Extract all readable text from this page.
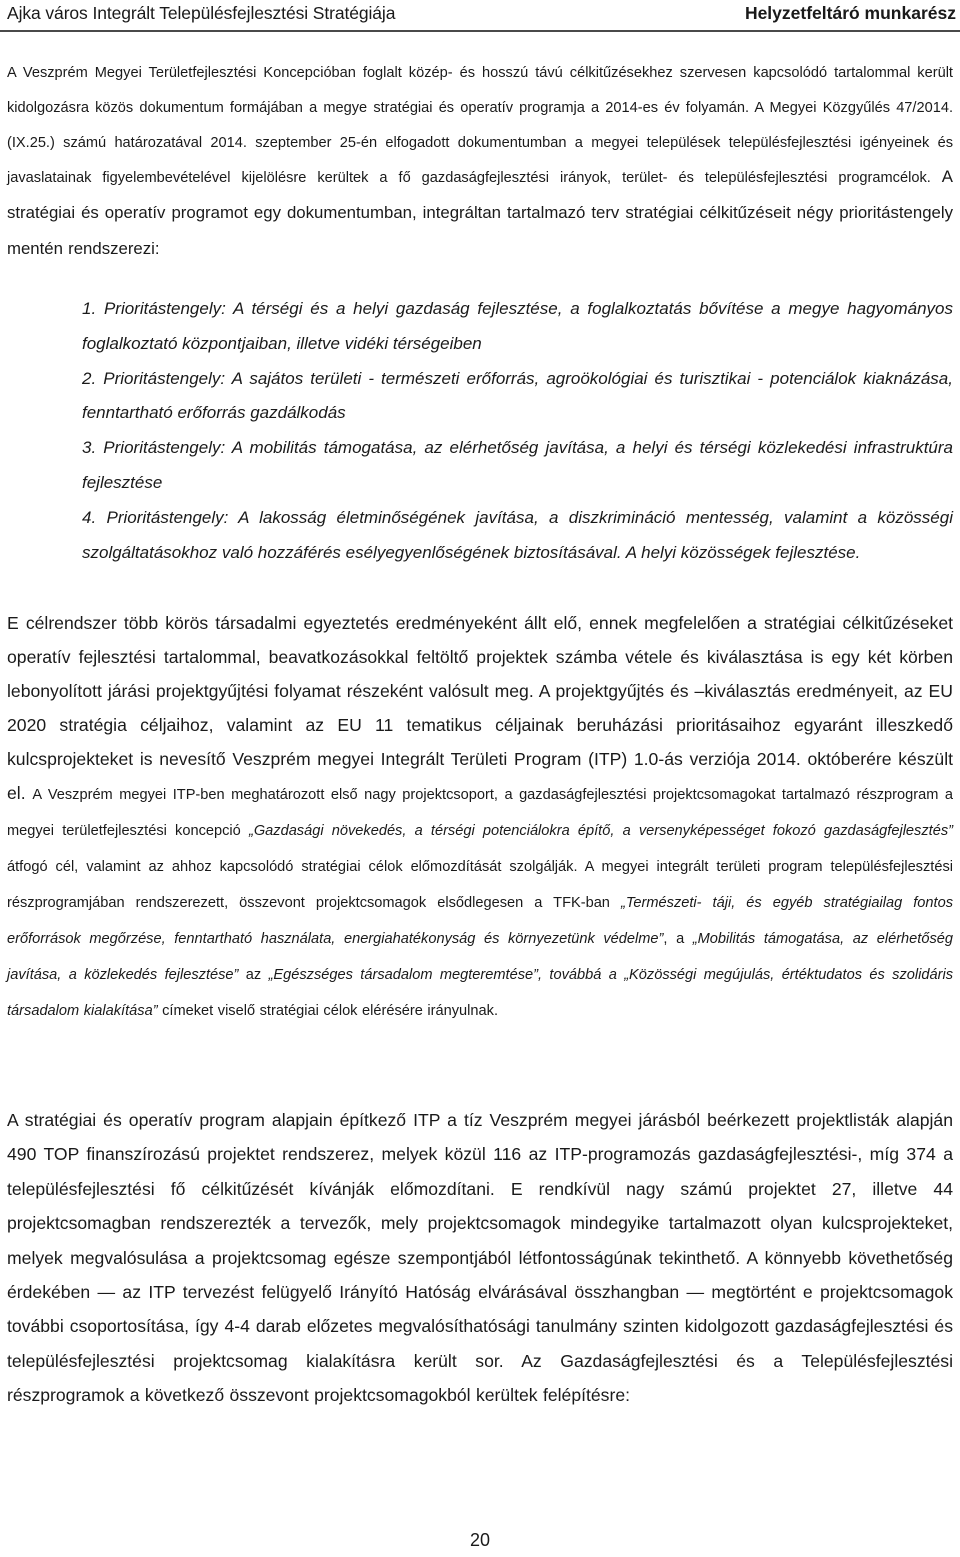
Ajka város Integrált Településfejlesztési Stratégiája	Helyzetfeltáró munkarész

A Veszprém Megyei Területfejlesztési Koncepcióban foglalt közép- és hosszú távú célkitűzésekhez szervesen kapcsolódó tartalommal került kidolgozásra közös dokumentum formájában a megye stratégiai és operatív programja a 2014-es év folyamán. A Megyei Közgyűlés 47/2014. (IX.25.) számú határozatával 2014. szeptember 25-én elfogadott dokumentumban a megyei települések településfejlesztési igényeinek és javaslatainak figyelembevételével kijelölésre kerültek a fő gazdaságfejlesztési irányok, terület- és településfejlesztési programcélok. A stratégiai és operatív programot egy dokumentumban, integráltan tartalmazó terv stratégiai célkitűzéseit négy prioritástengely mentén rendszerezi:

1. Prioritástengely: A térségi és a helyi gazdaság fejlesztése, a foglalkoztatás bővítése a megye hagyományos foglalkoztató központjaiban, illetve vidéki térségeiben

2. Prioritástengely: A sajátos területi - természeti erőforrás, agroökológiai és turisztikai - potenciálok kiaknázása, fenntartható erőforrás gazdálkodás

3. Prioritástengely: A mobilitás támogatása, az elérhetőség javítása, a helyi és térségi közlekedési infrastruktúra fejlesztése

4. Prioritástengely: A lakosság életminőségének javítása, a diszkrimináció mentesség, valamint a közösségi szolgáltatásokhoz való hozzáférés esélyegyenlőségének biztosításával. A helyi közösségek fejlesztése.

E célrendszer több körös társadalmi egyeztetés eredményeként állt elő, ennek megfelelően a stratégiai célkitűzéseket operatív fejlesztési tartalommal, beavatkozásokkal feltöltő projektek számba vétele és kiválasztása is egy két körben lebonyolított járási projektgyűjtési folyamat részeként valósult meg. A projektgyűjtés és –kiválasztás eredményeit, az EU 2020 stratégia céljaihoz, valamint az EU 11 tematikus céljainak beruházási prioritásaihoz egyaránt illeszkedő kulcsprojekteket is nevesítő Veszprém megyei Integrált Területi Program (ITP) 1.0-ás verziója 2014. októberére készült el. A Veszprém megyei ITP-ben meghatározott első nagy projektcsoport, a gazdaságfejlesztési projektcsomagokat tartalmazó részprogram a megyei területfejlesztési koncepció „Gazdasági növekedés, a térségi potenciálokra építő, a versenyképességet fokozó gazdaságfejlesztés” átfogó cél, valamint az ahhoz kapcsolódó stratégiai célok előmozdítását szolgálják. A megyei integrált területi program településfejlesztési részprogramjában rendszerezett, összevont projektcsomagok elsődlegesen a TFK-ban „Természeti- táji, és egyéb stratégiailag fontos erőforrások megőrzése, fenntartható használata, energiahatékonyság és környezetünk védelme”, a „Mobilitás támogatása, az elérhetőség javítása, a közlekedés fejlesztése” az „Egészséges társadalom megteremtése”, továbbá a „Közösségi megújulás, értéktudatos és szolidáris társadalom kialakítása” címeket viselő stratégiai célok elérésére irányulnak.

A stratégiai és operatív program alapjain építkező ITP a tíz Veszprém megyei járásból beérkezett projektlisták alapján 490 TOP finanszírozású projektet rendszerez, melyek közül 116 az ITP-programozás gazdaságfejlesztési-, míg 374 a településfejlesztési fő célkitűzését kívánják előmozdítani. E rendkívül nagy számú projektet 27, illetve 44 projektcsomagban rendszerezték a tervezők, mely projektcsomagok mindegyike tartalmazott olyan kulcsprojekteket, melyek megvalósulása a projektcsomag egésze szempontjából létfontosságúnak tekinthető. A könnyebb követhetőség érdekében — az ITP tervezést felügyelő Irányító Hatóság elvárásával összhangban — megtörtént e projektcsomagok további csoportosítása, így 4-4 darab előzetes megvalósíthatósági tanulmány szinten kidolgozott gazdaságfejlesztési és településfejlesztési projektcsomag kialakításra került sor. Az Gazdaságfejlesztési és a Településfejlesztési részprogramok a következő összevont projektcsomagokból kerültek felépítésre:

20
